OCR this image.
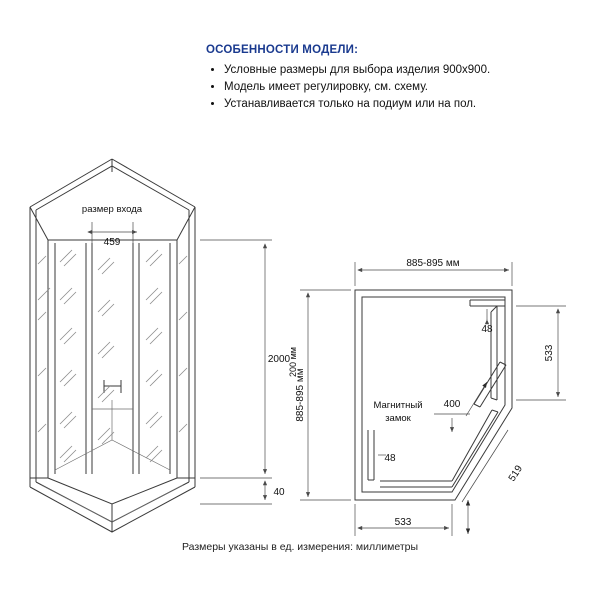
ОСОБЕННОСТИ МОДЕЛИ:
• Условные размеры для выбора изделия 900х900.
• Модель имеет регулировку, см. схему.
• Устанавливается только на подиум или на пол.
размер входа
459
2000
200 мм
40
Магнитный
замок
885-895 мм
885-895 мм
533
48
400
48
519
533
Размеры указаны в ед. измерения: миллиметры
